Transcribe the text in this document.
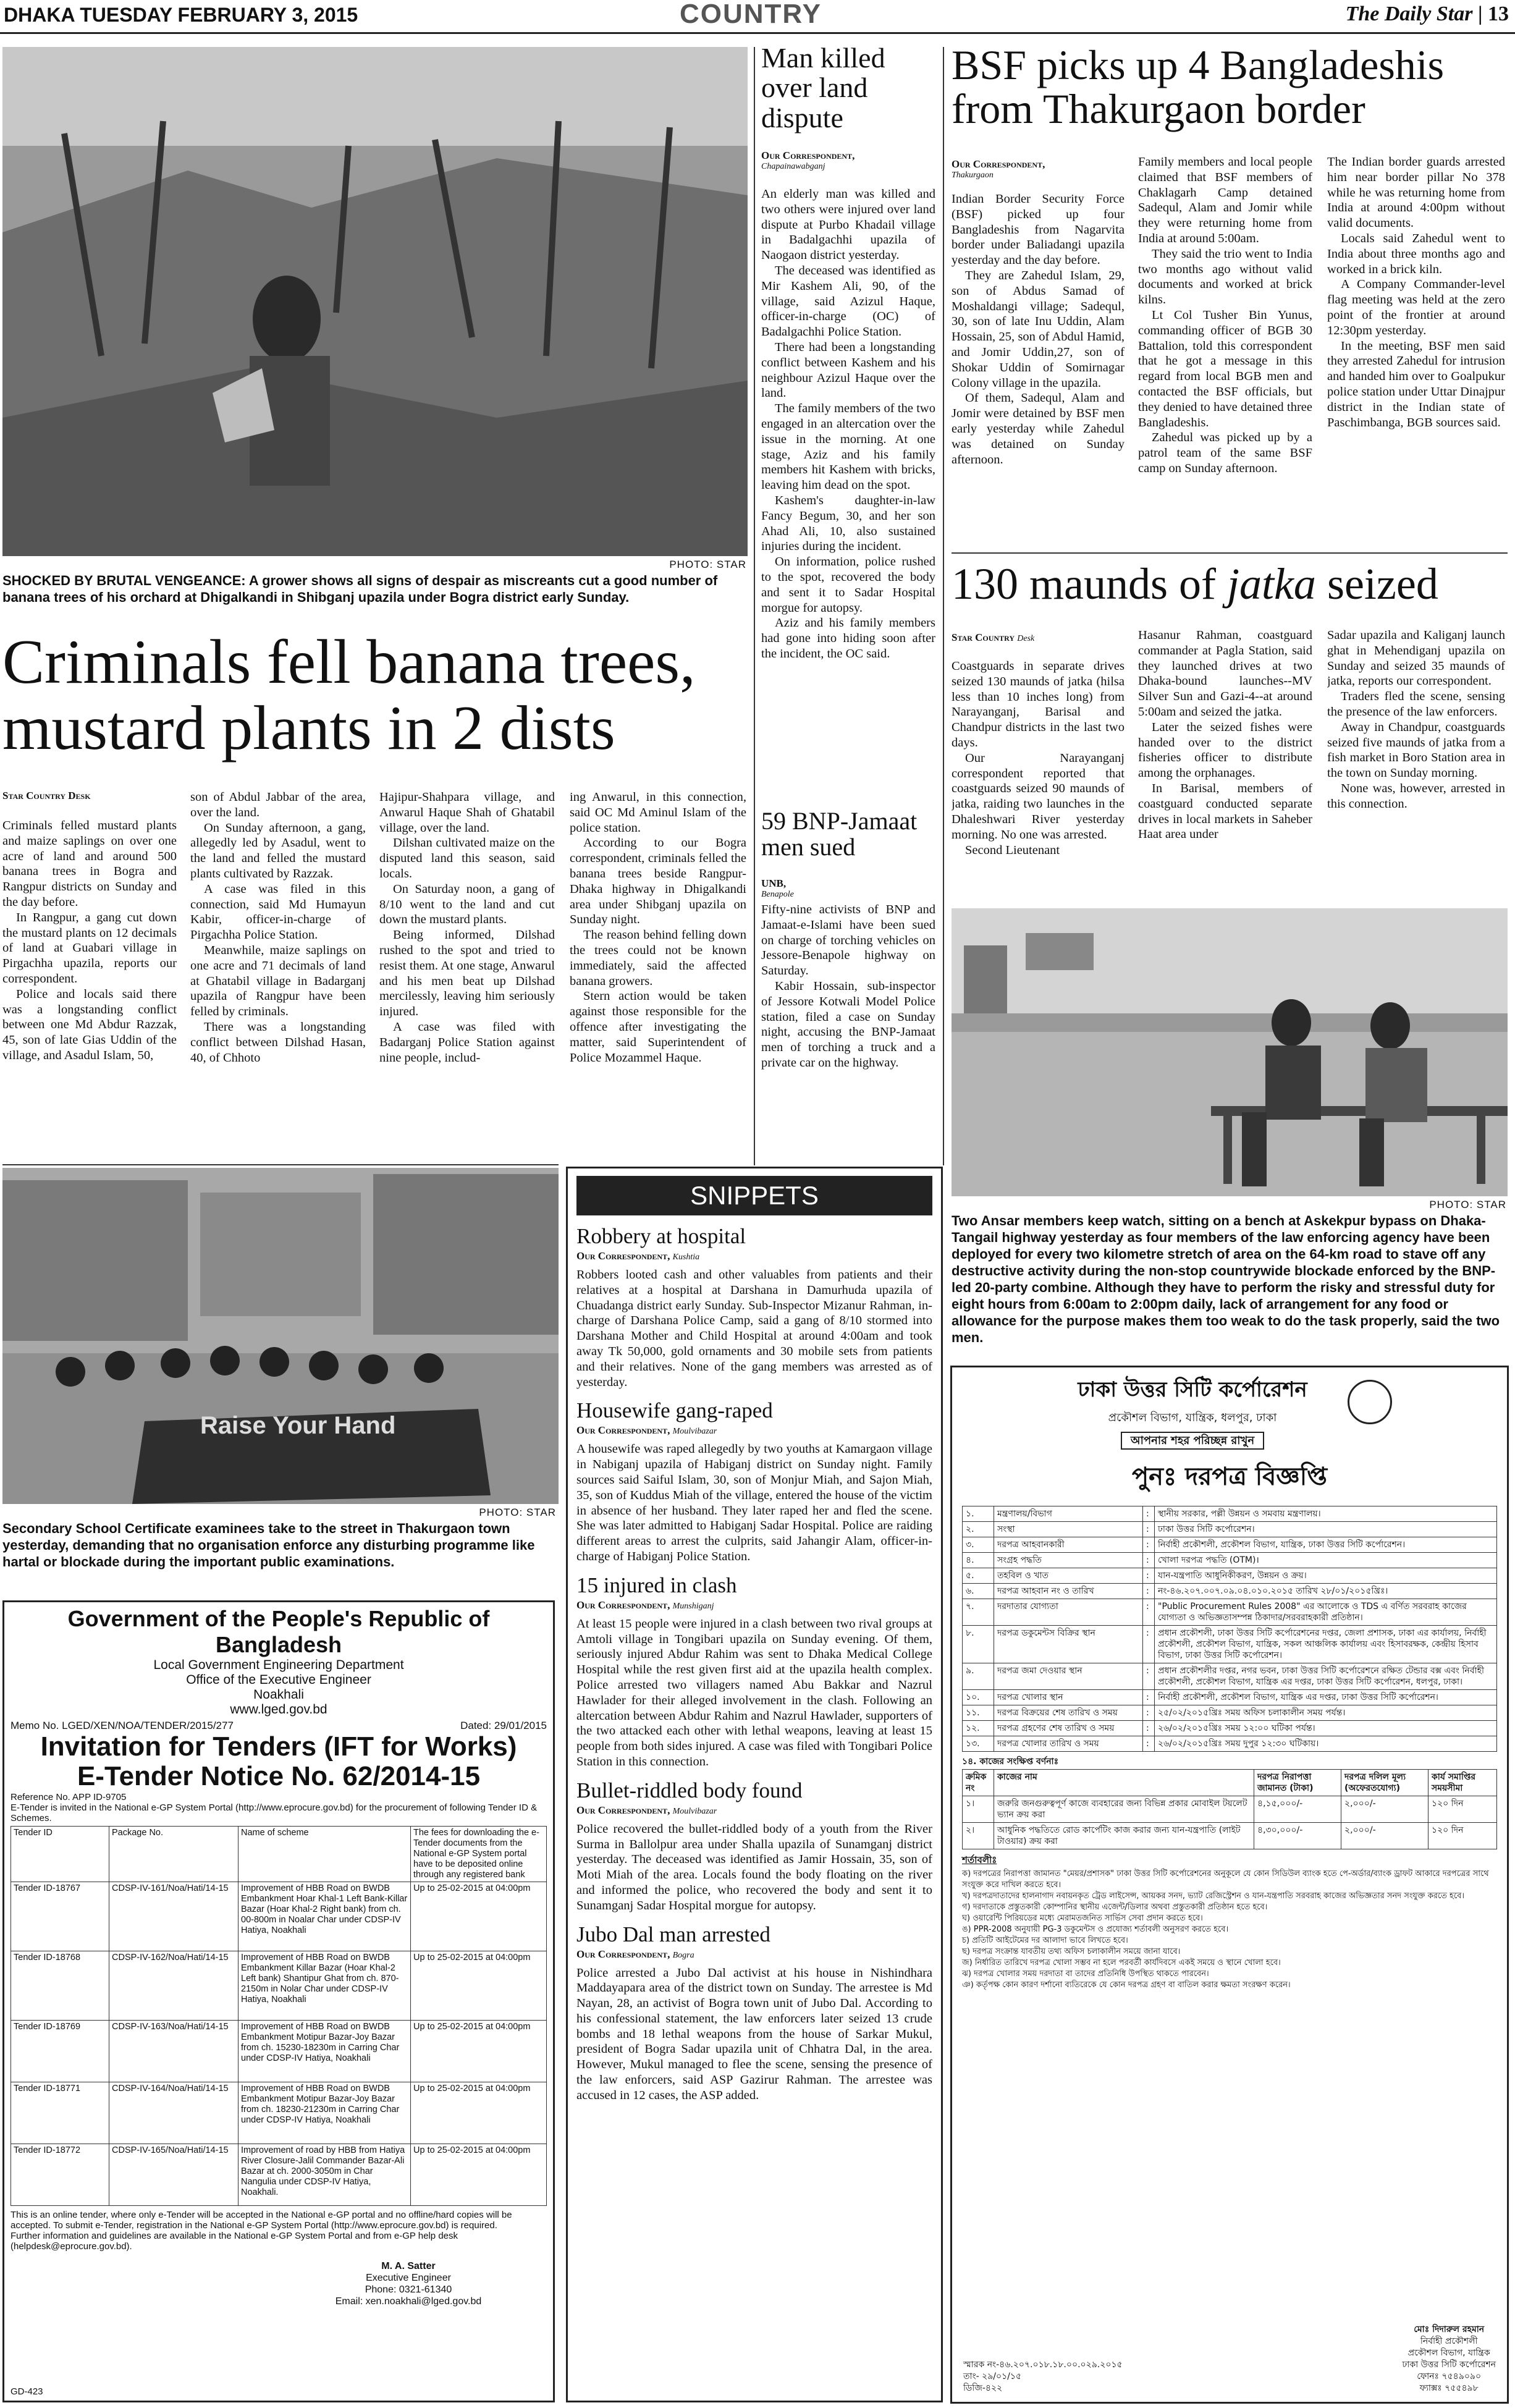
DHAKA TUESDAY FEBRUARY 3, 2015	COUNTRY	The Daily Star | 13
PHOTO: STAR
SHOCKED BY BRUTAL VENGEANCE: A grower shows all signs of despair as miscreants cut a good number of banana trees of his orchard at Dhigalkandi in Shibganj upazila under Bogra district early Sunday.
Criminals fell banana trees, mustard plants in 2 dists
Star Country Desk

Criminals felled mustard plants and maize saplings on over one acre of land and around 500 banana trees in Bogra and Rangpur districts on Sunday and the day before.

In Rangpur, a gang cut down the mustard plants on 12 decimals of land at Guabari village in Pirgachha upazila, reports our correspondent.

Police and locals said there was a longstanding conflict between one Md Abdur Razzak, 45, son of late Gias Uddin of the village, and Asadul Islam, 50,

son of Abdul Jabbar of the area, over the land.

On Sunday afternoon, a gang, allegedly led by Asadul, went to the land and felled the mustard plants cultivated by Razzak.

A case was filed in this connection, said Md Humayun Kabir, officer-in-charge of Pirgachha Police Station.

Meanwhile, maize saplings on one acre and 71 decimals of land at Ghatabil village in Badarganj upazila of Rangpur have been felled by criminals.

There was a longstanding conflict between Dilshad Hasan, 40, of Chhoto

Hajipur-Shahpara village, and Anwarul Haque Shah of Ghatabil village, over the land.

Dilshan cultivated maize on the disputed land this season, said locals.

On Saturday noon, a gang of 8/10 went to the land and cut down the mustard plants.

Being informed, Dilshad rushed to the spot and tried to resist them. At one stage, Anwarul and his men beat up Dilshad mercilessly, leaving him seriously injured.

A case was filed with Badarganj Police Station against nine people, includ-

ing Anwarul, in this connection, said OC Md Aminul Islam of the police station.

According to our Bogra correspondent, criminals felled the banana trees beside Rangpur-Dhaka highway in Dhigalkandi area under Shibganj upazila on Sunday night.

The reason behind felling down the trees could not be known immediately, said the affected banana growers.

Stern action would be taken against those responsible for the offence after investigating the matter, said Superintendent of Police Mozammel Haque.

Man killed over land dispute
Our Correspondent,
Chapainawabganj

An elderly man was killed and two others were injured over land dispute at Purbo Khadail village in Badalgachhi upazila of Naogaon district yesterday.

The deceased was identified as Mir Kashem Ali, 90, of the village, said Azizul Haque, officer-in-charge (OC) of Badalgachhi Police Station.

There had been a longstanding conflict between Kashem and his neighbour Azizul Haque over the land.

The family members of the two engaged in an altercation over the issue in the morning. At one stage, Aziz and his family members hit Kashem with bricks, leaving him dead on the spot.

Kashem's daughter-in-law Fancy Begum, 30, and her son Ahad Ali, 10, also sustained injuries during the incident.

On information, police rushed to the spot, recovered the body and sent it to Sadar Hospital morgue for autopsy.

Aziz and his family members had gone into hiding soon after the incident, the OC said.

59 BNP-Jamaat men sued
UNB,
Benapole

Fifty-nine activists of BNP and Jamaat-e-Islami have been sued on charge of torching vehicles on Jessore-Benapole highway on Saturday.

Kabir Hossain, sub-inspector of Jessore Kotwali Model Police station, filed a case on Sunday night, accusing the BNP-Jamaat men of torching a truck and a private car on the highway.

BSF picks up 4 Bangladeshis from Thakurgaon border
Our Correspondent,
Thakurgaon

Indian Border Security Force (BSF) picked up four Bangladeshis from Nagarvita border under Baliadangi upazila yesterday and the day before.

They are Zahedul Islam, 29, son of Abdus Samad of Moshaldangi village; Sadequl, 30, son of late Inu Uddin, Alam Hossain, 25, son of Abdul Hamid, and Jomir Uddin,27, son of Shokar Uddin of Somirnagar Colony village in the upazila.

Of them, Sadequl, Alam and Jomir were detained by BSF men early yesterday while Zahedul was detained on Sunday afternoon.

Family members and local people claimed that BSF members of Chaklagarh Camp detained Sadequl, Alam and Jomir while they were returning home from India at around 5:00am.

They said the trio went to India two months ago without valid documents and worked at brick kilns.

Lt Col Tusher Bin Yunus, commanding officer of BGB 30 Battalion, told this correspondent that he got a message in this regard from local BGB men and contacted the BSF officials, but they denied to have detained three Bangladeshis.

Zahedul was picked up by a patrol team of the same BSF camp on Sunday afternoon.

The Indian border guards arrested him near border pillar No 378 while he was returning home from India at around 4:00pm without valid documents.

Locals said Zahedul went to India about three months ago and worked in a brick kiln.

A Company Commander-level flag meeting was held at the zero point of the frontier at around 12:30pm yesterday.

In the meeting, BSF men said they arrested Zahedul for intrusion and handed him over to Goalpukur police station under Uttar Dinajpur district in the Indian state of Paschimbanga, BGB sources said.

130 maunds of jatka seized
Star Country Desk

Coastguards in separate drives seized 130 maunds of jatka (hilsa less than 10 inches long) from Narayanganj, Barisal and Chandpur districts in the last two days.

Our Narayanganj correspondent reported that coastguards seized 90 maunds of jatka, raiding two launches in the Dhaleshwari River yesterday morning. No one was arrested.

Second Lieutenant

Hasanur Rahman, coastguard commander at Pagla Station, said they launched drives at two Dhaka-bound launches--MV Silver Sun and Gazi-4--at around 5:00am and seized the jatka.

Later the seized fishes were handed over to the district fisheries officer to distribute among the orphanages.

In Barisal, members of coastguard conducted separate drives in local markets in Saheber Haat area under

Sadar upazila and Kaliganj launch ghat in Mehendiganj upazila on Sunday and seized 35 maunds of jatka, reports our correspondent.

Traders fled the scene, sensing the presence of the law enforcers.

Away in Chandpur, coastguards seized five maunds of jatka from a fish market in Boro Station area in the town on Sunday morning.

None was, however, arrested in this connection.

PHOTO: STAR
Two Ansar members keep watch, sitting on a bench at Askekpur bypass on Dhaka-Tangail highway yesterday as four members of the law enforcing agency have been deployed for every two kilometre stretch of area on the 64-km road to stave off any destructive activity during the non-stop countrywide blockade enforced by the BNP-led 20-party combine. Although they have to perform the risky and stressful duty for eight hours from 6:00am to 2:00pm daily, lack of arrangement for any food or allowance for the purpose makes them too weak to do the task properly, said the two men.
Raise Your Hand
PHOTO: STAR
Secondary School Certificate examinees take to the street in Thakurgaon town yesterday, demanding that no organisation enforce any disturbing programme like hartal or blockade during the important public examinations.
Government of the People's Republic of Bangladesh
Local Government Engineering Department
Office of the Executive Engineer
Noakhali
www.lged.gov.bd
Memo No. LGED/XEN/NOA/TENDER/2015/277	Dated: 29/01/2015
Invitation for Tenders (IFT for Works)
E-Tender Notice No. 62/2014-15
Reference No. APP ID-9705
E-Tender is invited in the National e-GP System Portal (http://www.eprocure.gov.bd) for the procurement of following Tender ID & Schemes.
Tender ID	Package No.	Name of scheme	The fees for downloading the e-Tender documents from the National e-GP System portal have to be deposited online through any registered bank
Tender ID-18767	CDSP-IV-161/Noa/Hati/14-15	Improvement of HBB Road on BWDB Embankment Hoar Khal-1 Left Bank-Killar Bazar (Hoar Khal-2 Right bank) from ch. 00-800m in Noalar Char under CDSP-IV Hatiya, Noakhali	Up to 25-02-2015 at 04:00pm
Tender ID-18768	CDSP-IV-162/Noa/Hati/14-15	Improvement of HBB Road on BWDB Embankment Killar Bazar (Hoar Khal-2 Left bank) Shantipur Ghat from ch. 870-2150m in Nolar Char under CDSP-IV Hatiya, Noakhali	Up to 25-02-2015 at 04:00pm
Tender ID-18769	CDSP-IV-163/Noa/Hati/14-15	Improvement of HBB Road on BWDB Embankment Motipur Bazar-Joy Bazar from ch. 15230-18230m in Carring Char under CDSP-IV Hatiya, Noakhali	Up to 25-02-2015 at 04:00pm
Tender ID-18771	CDSP-IV-164/Noa/Hati/14-15	Improvement of HBB Road on BWDB Embankment Motipur Bazar-Joy Bazar from ch. 18230-21230m in Carring Char under CDSP-IV Hatiya, Noakhali	Up to 25-02-2015 at 04:00pm
Tender ID-18772	CDSP-IV-165/Noa/Hati/14-15	Improvement of road by HBB from Hatiya River Closure-Jalil Commander Bazar-Ali Bazar at ch. 2000-3050m in Char Nangulia under CDSP-IV Hatiya, Noakhali.	Up to 25-02-2015 at 04:00pm
This is an online tender, where only e-Tender will be accepted in the National e-GP portal and no offline/hard copies will be accepted. To submit e-Tender, registration in the National e-GP System Portal (http://www.eprocure.gov.bd) is required.
Further information and guidelines are available in the National e-GP System Portal and from e-GP help desk (helpdesk@eprocure.gov.bd).
M. A. Satter
Executive Engineer
Phone: 0321-61340
Email: xen.noakhali@lged.gov.bd
GD-423
SNIPPETS
Robbery at hospital
Our Correspondent, Kushtia
Robbers looted cash and other valuables from patients and their relatives at a hospital at Darshana in Damurhuda upazila of Chuadanga district early Sunday. Sub-Inspector Mizanur Rahman, in-charge of Darshana Police Camp, said a gang of 8/10 stormed into Darshana Mother and Child Hospital at around 4:00am and took away Tk 50,000, gold ornaments and 30 mobile sets from patients and their relatives. None of the gang members was arrested as of yesterday.
Housewife gang-raped
Our Correspondent, Moulvibazar
A housewife was raped allegedly by two youths at Kamargaon village in Nabiganj upazila of Habiganj district on Sunday night. Family sources said Saiful Islam, 30, son of Monjur Miah, and Sajon Miah, 35, son of Kuddus Miah of the village, entered the house of the victim in absence of her husband. They later raped her and fled the scene. She was later admitted to Habiganj Sadar Hospital. Police are raiding different areas to arrest the culprits, said Jahangir Alam, officer-in-charge of Habiganj Police Station.
15 injured in clash
Our Correspondent, Munshiganj
At least 15 people were injured in a clash between two rival groups at Amtoli village in Tongibari upazila on Sunday evening. Of them, seriously injured Abdur Rahim was sent to Dhaka Medical College Hospital while the rest given first aid at the upazila health complex. Police arrested two villagers named Abu Bakkar and Nazrul Hawlader for their alleged involvement in the clash. Following an altercation between Abdur Rahim and Nazrul Hawlader, supporters of the two attacked each other with lethal weapons, leaving at least 15 people from both sides injured. A case was filed with Tongibari Police Station in this connection.
Bullet-riddled body found
Our Correspondent, Moulvibazar
Police recovered the bullet-riddled body of a youth from the River Surma in Ballolpur area under Shalla upazila of Sunamganj district yesterday. The deceased was identified as Jamir Hossain, 35, son of Moti Miah of the area. Locals found the body floating on the river and informed the police, who recovered the body and sent it to Sunamganj Sadar Hospital morgue for autopsy.
Jubo Dal man arrested
Our Correspondent, Bogra
Police arrested a Jubo Dal activist at his house in Nishindhara Maddayapara area of the district town on Sunday. The arrestee is Md Nayan, 28, an activist of Bogra town unit of Jubo Dal. According to his confessional statement, the law enforcers later seized 13 crude bombs and 18 lethal weapons from the house of Sarkar Mukul, president of Bogra Sadar upazila unit of Chhatra Dal, in the area. However, Mukul managed to flee the scene, sensing the presence of the law enforcers, said ASP Gazirur Rahman. The arrestee was accused in 12 cases, the ASP added.
ঢাকা উত্তর সিটি কর্পোরেশন
প্রকৌশল বিভাগ, যান্ত্রিক, ধলপুর, ঢাকা
আপনার শহর পরিচ্ছন্ন রাখুন
পুনঃ দরপত্র বিজ্ঞপ্তি
১.	মন্ত্রণালয়/বিভাগ	:	স্থানীয় সরকার, পল্লী উন্নয়ন ও সমবায় মন্ত্রণালয়।
২.	সংস্থা	:	ঢাকা উত্তর সিটি কর্পোরেশন।
৩.	দরপত্র আহবানকারী	:	নির্বাহী প্রকৌশলী, প্রকৌশল বিভাগ, যান্ত্রিক, ঢাকা উত্তর সিটি কর্পোরেশন।
৪.	সংগ্রহ পদ্ধতি	:	খোলা দরপত্র পদ্ধতি (OTM)।
৫.	তহবিল ও খাত	:	যান-যন্ত্রপাতি আধুনিকীকরণ, উন্নয়ন ও ক্রয়।
৬.	দরপত্র আহবান নং ও তারিখ	:	নং-৪৬.২০৭.০০৭.০৯.০৪.০১০.২০১৫ তারিখ ২৮/০১/২০১৫খ্রিঃ।
৭.	দরদাতার যোগ্যতা	:	"Public Procurement Rules 2008" এর আলোকে ও TDS এ বর্ণিত সরবরাহ কাজের যোগ্যতা ও অভিজ্ঞতাসম্পন্ন ঠিকাদার/সরবরাহকারী প্রতিষ্ঠান।
৮.	দরপত্র ডকুমেন্টস বিক্রির স্থান	:	প্রধান প্রকৌশলী, ঢাকা উত্তর সিটি কর্পোরেশনের দপ্তর, জেলা প্রশাসক, ঢাকা এর কার্যালয়, নির্বাহী প্রকৌশলী, প্রকৌশল বিভাগ, যান্ত্রিক, সকল আঞ্চলিক কার্যালয় এবং হিসাবরক্ষক, কেন্দ্রীয় হিসাব বিভাগ, ঢাকা উত্তর সিটি কর্পোরেশন।
৯.	দরপত্র জমা দেওয়ার স্থান	:	প্রধান প্রকৌশলীর দপ্তর, নগর ভবন, ঢাকা উত্তর সিটি কর্পোরেশনে রক্ষিত টেন্ডার বক্স এবং নির্বাহী প্রকৌশলী, প্রকৌশল বিভাগ, যান্ত্রিক এর দপ্তর, ঢাকা উত্তর সিটি কর্পোরেশন, ধলপুর, ঢাকা।
১০.	দরপত্র খোলার স্থান	:	নির্বাহী প্রকৌশলী, প্রকৌশল বিভাগ, যান্ত্রিক এর দপ্তর, ঢাকা উত্তর সিটি কর্পোরেশন।
১১.	দরপত্র বিক্রয়ের শেষ তারিখ ও সময়	:	২৫/০২/২০১৫খ্রিঃ সময় অফিস চলাকালীন সময় পর্যন্ত।
১২.	দরপত্র গ্রহণের শেষ তারিখ ও সময়	:	২৬/০২/২০১৫খ্রিঃ সময় ১২:০০ ঘটিকা পর্যন্ত।
১৩.	দরপত্র খোলার তারিখ ও সময়	:	২৬/০২/২০১৫খ্রিঃ সময় দুপুর ১২:৩০ ঘটিকায়।
১৪. কাজের সংক্ষিপ্ত বর্ণনাঃ
ক্রমিক নং	কাজের নাম	দরপত্র নিরাপত্তা জামানত (টাকা)	দরপত্র দলিল মূল্য (অফেরতযোগ্য)	কার্য সমাপ্তির সময়সীমা
১।	জরুরি জনগুরুত্বপূর্ণ কাজে ব্যবহারের জন্য বিভিন্ন প্রকার মোবাইল টয়লেট ভ্যান ক্রয় করা	৪,১৫,০০০/-	২,০০০/-	১২০ দিন
২।	আধুনিক পদ্ধতিতে রোড কার্পেটিং কাজ করার জন্য যান-যন্ত্রপাতি (লাইট টাওয়ার) ক্রয় করা	৪,৩০,০০০/-	২,০০০/-	১২০ দিন
শর্তাবলীঃ
ক) দরপত্রের নিরাপত্তা জামানত "মেয়র/প্রশাসক" ঢাকা উত্তর সিটি কর্পোরেশনের অনুকূলে যে কোন সিডিউল ব্যাংক হতে পে-অর্ডার/ব্যাংক ড্রাফট আকারে দরপত্রের সাথে সংযুক্ত করে দাখিল করতে হবে।
খ) দরপত্রদাতাদের হালনাগাদ নবায়নকৃত ট্রেড লাইসেন্স, আয়কর সনদ, ভ্যাট রেজিস্ট্রেশন ও যান-যন্ত্রপাতি সরবরাহ কাজের অভিজ্ঞতার সনদ সংযুক্ত করতে হবে।
গ) দরদাতাকে প্রস্তুতকারী কোম্পানির স্থানীয় এজেন্ট/ডিলার অথবা প্রস্তুতকারী প্রতিষ্ঠান হতে হবে।
ঘ) ওয়ারেন্টি পিরিয়ডের মধ্যে মেরামতজনিত সার্ভিস সেবা প্রদান করতে হবে।
ঙ) PPR-2008 অনুযায়ী PG-3 ডকুমেন্টস ও প্রযোজ্য শর্তাবলী অনুসরণ করতে হবে।
চ) প্রতিটি আইটেমের দর আলাদা ভাবে লিখতে হবে।
ছ) দরপত্র সংক্রান্ত যাবতীয় তথ্য অফিস চলাকালীন সময়ে জানা যাবে।
জ) নির্ধারিত তারিখে দরপত্র খোলা সম্ভব না হলে পরবর্তী কার্যদিবসে একই সময়ে ও স্থানে খোলা হবে।
ঝ) দরপত্র খোলার সময় দরদাতা বা তাদের প্রতিনিধি উপস্থিত থাকতে পারবেন।
ঞ) কর্তৃপক্ষ কোন কারণ দর্শানো ব্যতিরেকে যে কোন দরপত্র গ্রহণ বা বাতিল করার ক্ষমতা সংরক্ষণ করেন।
মোঃ দিদারুল রহমান
নির্বাহী প্রকৌশলী
প্রকৌশল বিভাগ, যান্ত্রিক
ঢাকা উত্তর সিটি কর্পোরেশন
ফোনঃ ৭৫৪৯০৯০
ফ্যাক্সঃ ৭৫৫৪৯৮
স্মারক নং-৪৬.২০৭.০১৮.১৮.০০.০২৯.২০১৫
তাং- ২৯/০১/১৫
ডিজি-৪২২
